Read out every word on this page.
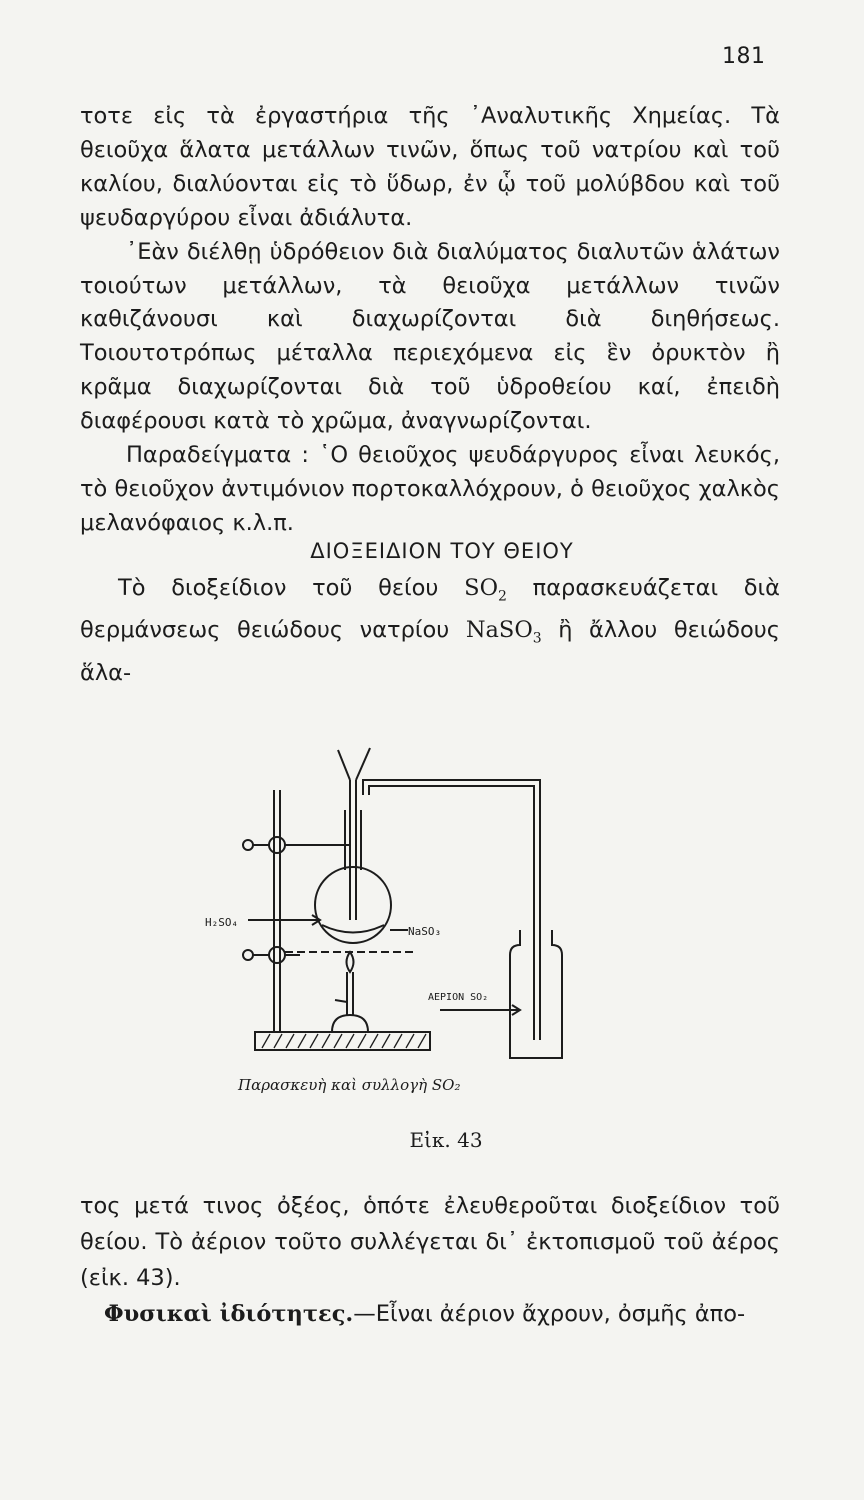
181

τοτε εἰς τὰ ἐργαστήρια τῆς ᾿Αναλυτικῆς Χημείας. Τὰ θειοῦχα ἅλατα μετάλλων τινῶν, ὅπως τοῦ νατρίου καὶ τοῦ καλίου, διαλύονται εἰς τὸ ὕδωρ, ἐν ᾧ τοῦ μολύβδου καὶ τοῦ ψευδαργύρου εἶναι ἀδιάλυτα.

᾿Εὰν διέλθῃ ὑδρόθειον διὰ διαλύματος διαλυτῶν ἁλάτων τοιούτων μετάλλων, τὰ θειοῦχα μετάλλων τινῶν καθιζάνουσι καὶ διαχωρίζονται διὰ διηθήσεως. Τοιουτοτρόπως μέταλλα περιεχόμενα εἰς ἓν ὀρυκτὸν ἢ κρᾶμα διαχωρίζονται διὰ τοῦ ὑδροθείου καί, ἐπειδὴ διαφέρουσι κατὰ τὸ χρῶμα, ἀναγνωρίζονται.

Παραδείγματα : ῾Ο θειοῦχος ψευδάργυρος εἶναι λευκός, τὸ θειοῦχον ἀντιμόνιον πορτοκαλλόχρουν, ὁ θειοῦχος χαλκὸς μελανόφαιος κ.λ.π.

ΔΙΟΞΕΙΔΙΟΝ ΤΟΥ ΘΕΙΟΥ
Τὸ διοξείδιον τοῦ θείου $SO_2$ παρασκευάζεται διὰ θερμάνσεως θειώδους νατρίου NaSO$_3$ ἢ ἄλλου θειώδους ἅλα-
H₂SO₄
NaSO₃
ΑΕΡΙΟΝ SO₂
Παρασκευὴ καὶ συλλογὴ SO₂
Εἰκ. 43

τος μετά τινος ὀξέος, ὁπότε ἐλευθεροῦται διοξείδιον τοῦ θείου. Τὸ ἀέριον τοῦτο συλλέγεται δι᾿ ἐκτοπισμοῦ τοῦ ἀέρος (εἰκ. 43).

Φυσικαὶ ἰδιότητες.—Εἶναι ἀέριον ἄχρουν, ὀσμῆς ἀπο-
